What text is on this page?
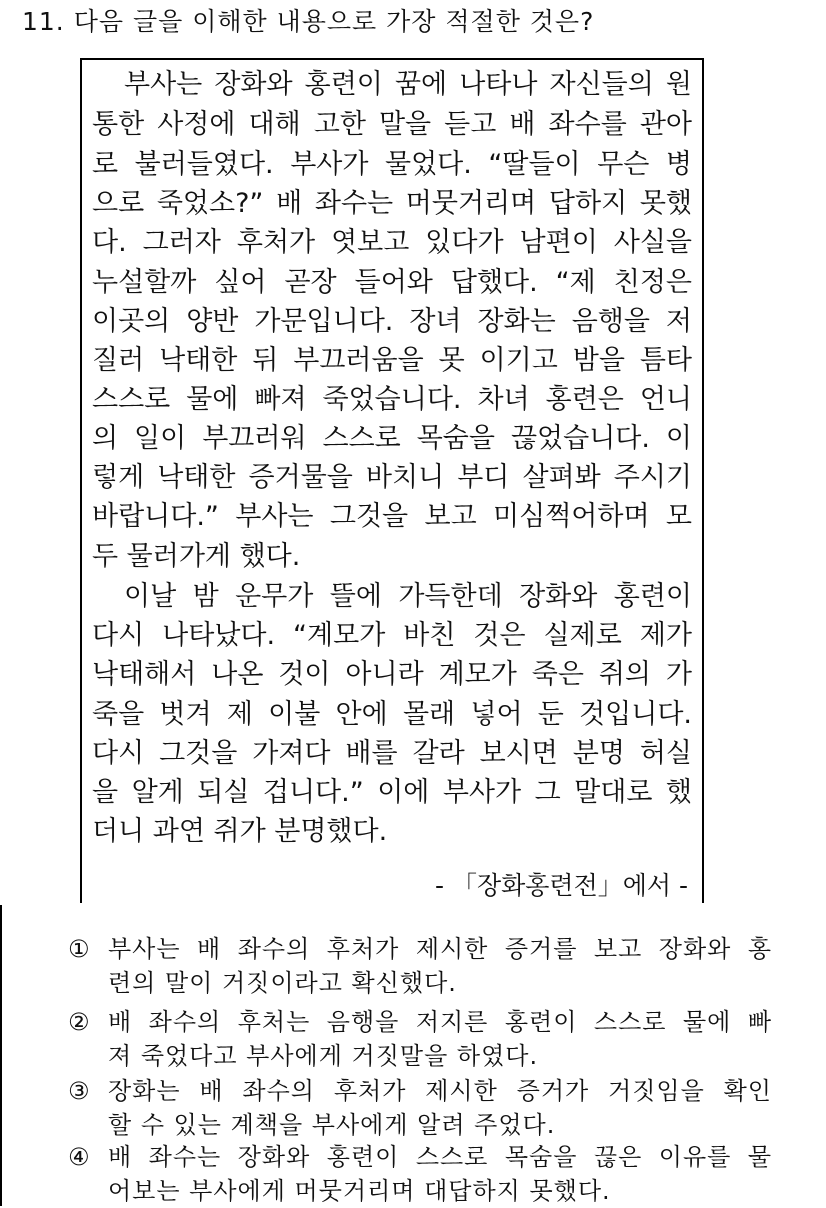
11. 다음 글을 이해한 내용으로 가장 적절한 것은?
부사는 장화와 홍련이 꿈에 나타나 자신들의 원
통한 사정에 대해 고한 말을 듣고 배 좌수를 관아
로 불러들였다. 부사가 물었다. “딸들이 무슨 병
으로 죽었소?” 배 좌수는 머뭇거리며 답하지 못했
다. 그러자 후처가 엿보고 있다가 남편이 사실을
누설할까 싶어 곧장 들어와 답했다. “제 친정은
이곳의 양반 가문입니다. 장녀 장화는 음행을 저
질러 낙태한 뒤 부끄러움을 못 이기고 밤을 틈타
스스로 물에 빠져 죽었습니다. 차녀 홍련은 언니
의 일이 부끄러워 스스로 목숨을 끊었습니다. 이
렇게 낙태한 증거물을 바치니 부디 살펴봐 주시기
바랍니다.” 부사는 그것을 보고 미심쩍어하며 모
두 물러가게 했다.
이날 밤 운무가 뜰에 가득한데 장화와 홍련이
다시 나타났다. “계모가 바친 것은 실제로 제가
낙태해서 나온 것이 아니라 계모가 죽은 쥐의 가
죽을 벗겨 제 이불 안에 몰래 넣어 둔 것입니다.
다시 그것을 가져다 배를 갈라 보시면 분명 허실
을 알게 되실 겁니다.” 이에 부사가 그 말대로 했
더니 과연 쥐가 분명했다.
- 「장화홍련전」에서 -
① 부사는 배 좌수의 후처가 제시한 증거를 보고 장화와 홍
련의 말이 거짓이라고 확신했다.
② 배 좌수의 후처는 음행을 저지른 홍련이 스스로 물에 빠
져 죽었다고 부사에게 거짓말을 하였다.
③ 장화는 배 좌수의 후처가 제시한 증거가 거짓임을 확인
할 수 있는 계책을 부사에게 알려 주었다.
④ 배 좌수는 장화와 홍련이 스스로 목숨을 끊은 이유를 물
어보는 부사에게 머뭇거리며 대답하지 못했다.
